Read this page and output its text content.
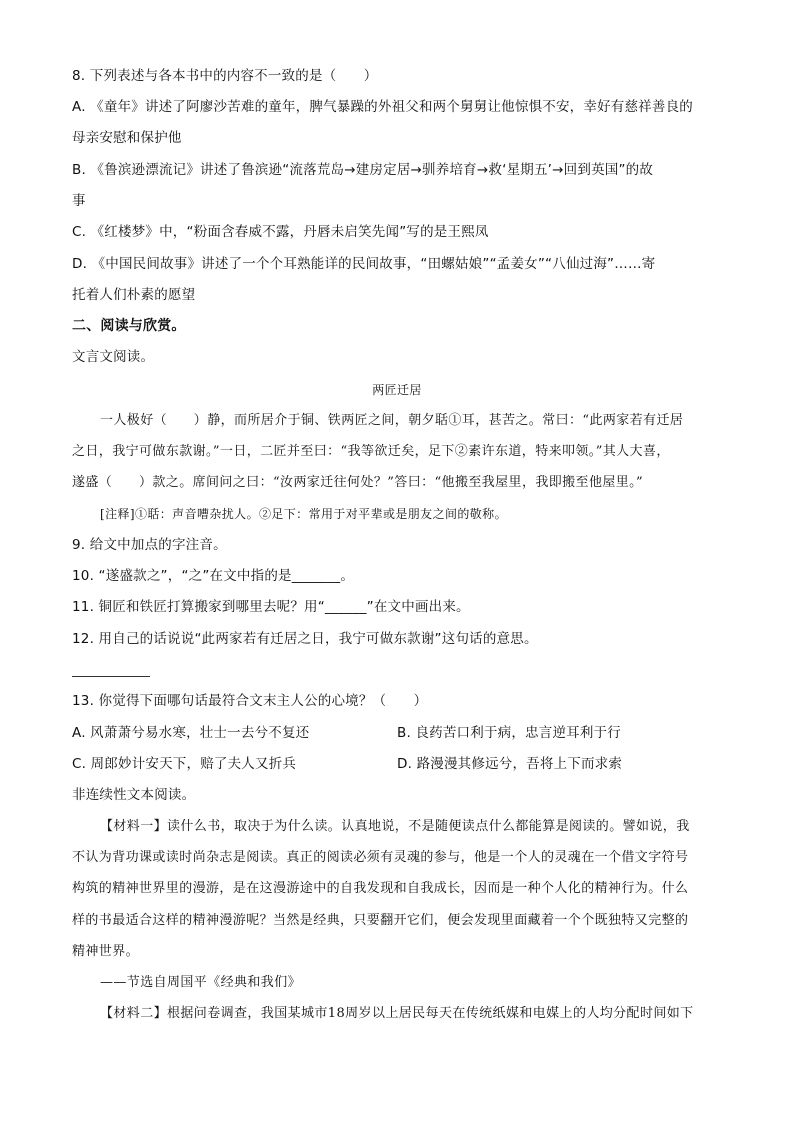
8. 下列表述与各本书中的内容不一致的是（　　）
A. 《童年》讲述了阿廖沙苦难的童年，脾气暴躁的外祖父和两个舅舅让他惊惧不安，幸好有慈祥善良的
母亲安慰和保护他
B. 《鲁滨逊漂流记》讲述了鲁滨逊“流落荒岛→建房定居→驯养培育→救‘星期五’→回到英国”的故
事
C. 《红楼梦》中，“粉面含春威不露，丹唇未启笑先闻”写的是王熙凤
D. 《中国民间故事》讲述了一个个耳熟能详的民间故事，“田螺姑娘”“孟姜女”“八仙过海”……寄
托着人们朴素的愿望
二、阅读与欣赏。
文言文阅读。
两匠迁居
一人极好（　　）静，而所居介于铜、铁两匠之间，朝夕聒①耳，甚苦之。常曰：“此两家若有迁居
之日，我宁可做东款谢。”一日，二匠并至曰：“我等欲迁矣，足下②素许东道，特来叩领。”其人大喜，
遂盛（　　）款之。席间问之曰：“汝两家迁往何处？”答曰：“他搬至我屋里，我即搬至他屋里。”
[注释]①聒：声音嘈杂扰人。②足下：常用于对平辈或是朋友之间的敬称。
9. 给文中加点的字注音。
10. “遂盛款之”，“之”在文中指的是_______。
11. 铜匠和铁匠打算搬家到哪里去呢？用“______”在文中画出来。
12. 用自己的话说说“此两家若有迁居之日，我宁可做东款谢”这句话的意思。
13. 你觉得下面哪句话最符合文末主人公的心境？（　　）
A. 风萧萧兮易水寒，壮士一去兮不复还	B. 良药苦口利于病，忠言逆耳利于行
C. 周郎妙计安天下，赔了夫人又折兵	D. 路漫漫其修远兮，吾将上下而求索
非连续性文本阅读。
【材料一】读什么书，取决于为什么读。认真地说，不是随便读点什么都能算是阅读的。譬如说，我
不认为背功课或读时尚杂志是阅读。真正的阅读必须有灵魂的参与，他是一个人的灵魂在一个借文字符号
构筑的精神世界里的漫游，是在这漫游途中的自我发现和自我成长，因而是一种个人化的精神行为。什么
样的书最适合这样的精神漫游呢？当然是经典，只要翻开它们，便会发现里面藏着一个个既独特又完整的
精神世界。
——节选自周国平《经典和我们》
【材料二】根据问卷调查，我国某城市18周岁以上居民每天在传统纸媒和电媒上的人均分配时间如下
